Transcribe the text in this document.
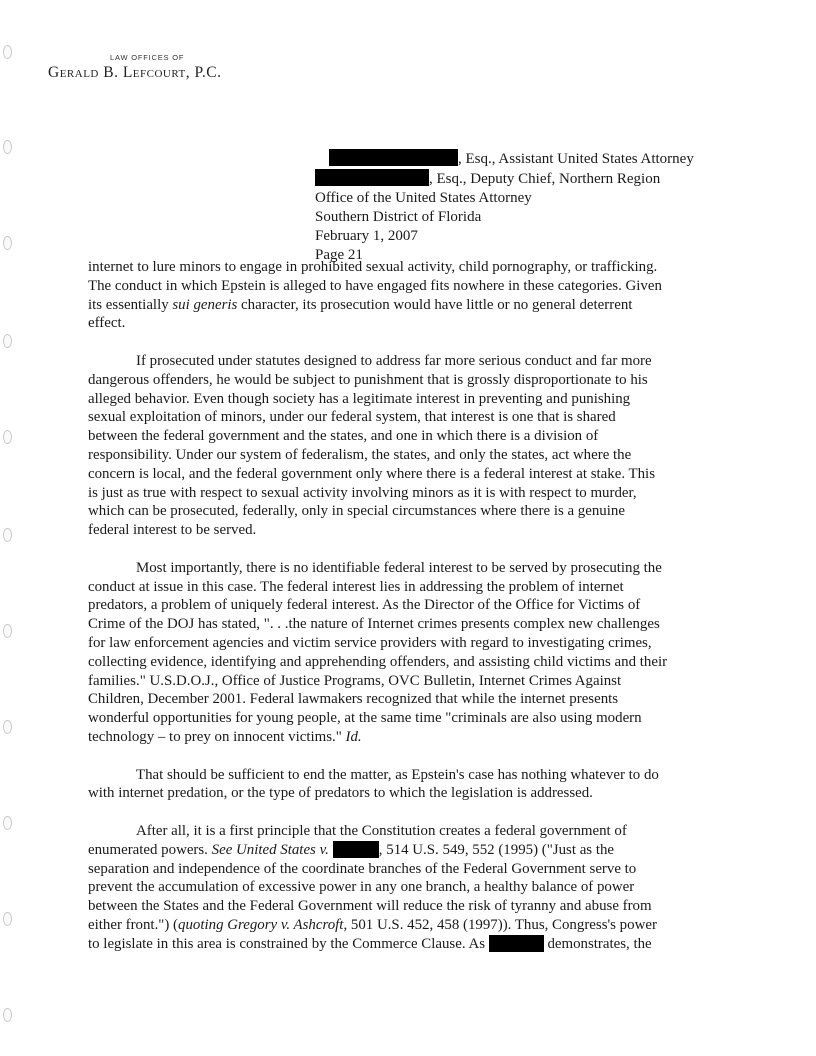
LAW OFFICES OF
Gerald B. Lefcourt, P.C.
, Esq., Assistant United States Attorney
, Esq., Deputy Chief, Northern Region
Office of the United States Attorney
Southern District of Florida
February 1, 2007
Page 21

internet to lure minors to engage in prohibited sexual activity, child pornography, or trafficking.
The conduct in which Epstein is alleged to have engaged fits nowhere in these categories. Given
its essentially sui generis character, its prosecution would have little or no general deterrent
effect.

If prosecuted under statutes designed to address far more serious conduct and far more
dangerous offenders, he would be subject to punishment that is grossly disproportionate to his
alleged behavior. Even though society has a legitimate interest in preventing and punishing
sexual exploitation of minors, under our federal system, that interest is one that is shared
between the federal government and the states, and one in which there is a division of
responsibility. Under our system of federalism, the states, and only the states, act where the
concern is local, and the federal government only where there is a federal interest at stake. This
is just as true with respect to sexual activity involving minors as it is with respect to murder,
which can be prosecuted, federally, only in special circumstances where there is a genuine
federal interest to be served.

Most importantly, there is no identifiable federal interest to be served by prosecuting the
conduct at issue in this case. The federal interest lies in addressing the problem of internet
predators, a problem of uniquely federal interest. As the Director of the Office for Victims of
Crime of the DOJ has stated, ". . .the nature of Internet crimes presents complex new challenges
for law enforcement agencies and victim service providers with regard to investigating crimes,
collecting evidence, identifying and apprehending offenders, and assisting child victims and their
families." U.S.D.O.J., Office of Justice Programs, OVC Bulletin, Internet Crimes Against
Children, December 2001. Federal lawmakers recognized that while the internet presents
wonderful opportunities for young people, at the same time "criminals are also using modern
technology – to prey on innocent victims." Id.

That should be sufficient to end the matter, as Epstein's case has nothing whatever to do
with internet predation, or the type of predators to which the legislation is addressed.

After all, it is a first principle that the Constitution creates a federal government of
enumerated powers. See United States v.	, 514 U.S. 549, 552 (1995) ("Just as the
separation and independence of the coordinate branches of the Federal Government serve to
prevent the accumulation of excessive power in any one branch, a healthy balance of power
between the States and the Federal Government will reduce the risk of tyranny and abuse from
either front.") (quoting Gregory v. Ashcroft, 501 U.S. 452, 458 (1997)). Thus, Congress's power
to legislate in this area is constrained by the Commerce Clause. As	demonstrates, the
